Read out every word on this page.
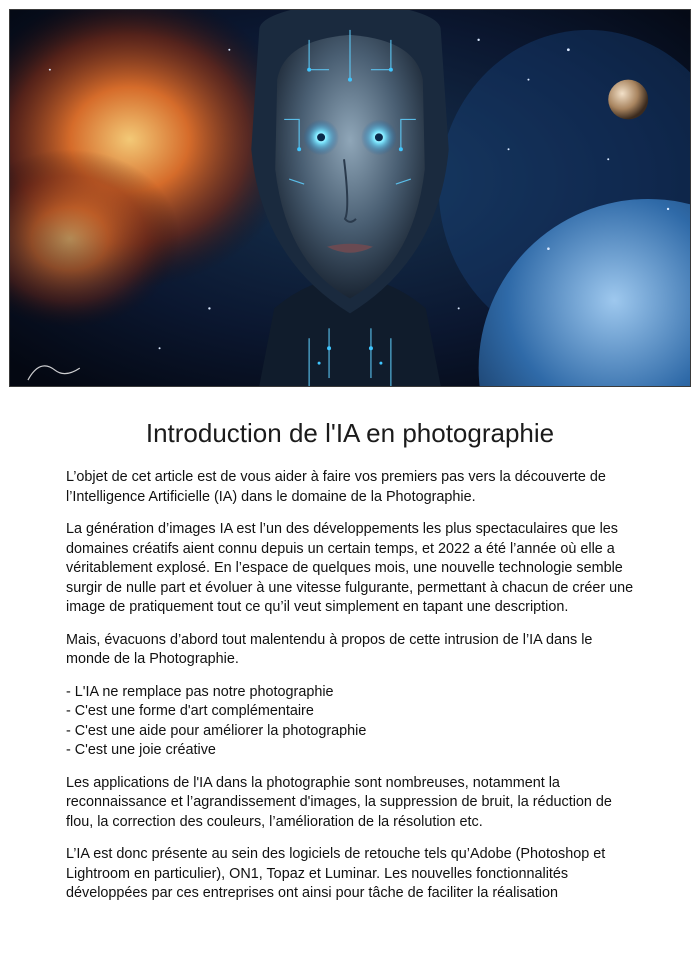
Introduction de l'IA en photographie

L’objet de cet article est de vous aider à faire vos premiers pas vers la découverte de l’Intelligence Artificielle (IA) dans le domaine de la Photographie.

La génération d’images IA est l’un des développements les plus spectaculaires que les domaines créatifs aient connu depuis un certain temps, et 2022 a été l’année où elle a véritablement explosé. En l’espace de quelques mois, une nouvelle technologie semble surgir de nulle part et évoluer à une vitesse fulgurante, permettant à chacun de créer une image de pratiquement tout ce qu’il veut simplement en tapant une description.

Mais, évacuons d’abord tout malentendu à propos de cette intrusion de l’IA dans le monde de la Photographie.

- L'IA ne remplace pas notre photographie
- C'est une forme d'art complémentaire
- C'est une aide pour améliorer la photographie
- C'est une joie créative

Les applications de l'IA dans la photographie sont nombreuses, notamment la reconnaissance et l’agrandissement d'images, la suppression de bruit, la réduction de flou, la correction des couleurs, l’amélioration de la résolution etc.

L’IA est donc présente au sein des logiciels de retouche tels qu’Adobe (Photoshop et Lightroom en particulier), ON1, Topaz et Luminar. Les nouvelles fonctionnalités développées par ces entreprises ont ainsi pour tâche de faciliter la réalisation
